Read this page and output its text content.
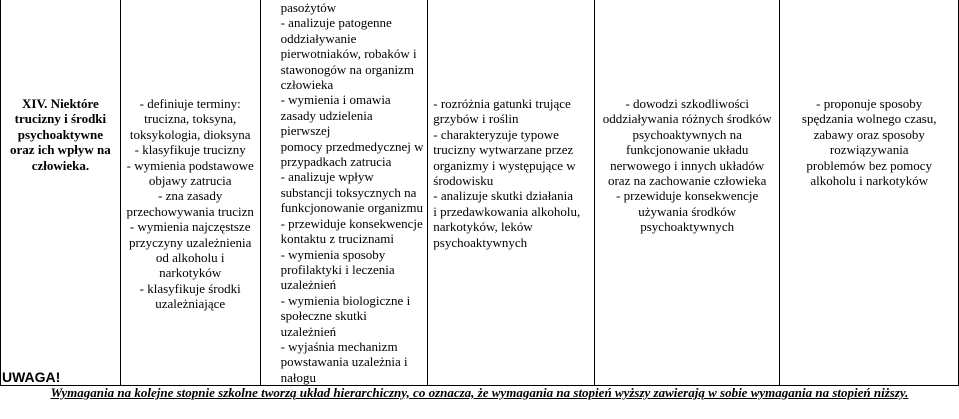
XIV. Niektóre
trucizny i środki
psychoaktywne
oraz ich wpływ na
człowieka.

- definiuje terminy:
trucizna, toksyna,
toksykologia, dioksyna
- klasyfikuje trucizny
- wymienia podstawowe
objawy zatrucia
- zna zasady
przechowywania trucizn
- wymienia najczęstsze
przyczyny uzależnienia
od alkoholu i narkotyków
- klasyfikuje środki
uzależniające

pasożytów
- analizuje patogenne
oddziaływanie
pierwotniaków, robaków i
stawonogów na organizm
człowieka
- wymienia i omawia
zasady udzielenia pierwszej
pomocy przedmedycznej w
przypadkach zatrucia
- analizuje wpływ
substancji toksycznych na
funkcjonowanie organizmu
- przewiduje konsekwencje
kontaktu z truciznami
- wymienia sposoby
profilaktyki i leczenia
uzależnień
- wymienia biologiczne i
społeczne skutki uzależnień
- wyjaśnia mechanizm
powstawania uzależnia i
nałogu

- rozróżnia gatunki trujące
grzybów i roślin
- charakteryzuje typowe
trucizny wytwarzane przez
organizmy i występujące w
środowisku
- analizuje skutki działania
i przedawkowania alkoholu,
narkotyków, leków
psychoaktywnych

- dowodzi szkodliwości
oddziaływania różnych środków
psychoaktywnych na
funkcjonowanie układu
nerwowego i innych układów
oraz na zachowanie człowieka
- przewiduje konsekwencje
używania środków
psychoaktywnych

- proponuje sposoby
spędzania wolnego czasu,
zabawy oraz sposoby
rozwiązywania
problemów bez pomocy
alkoholu i narkotyków
UWAGA!
Wymagania na kolejne stopnie szkolne tworzą układ hierarchiczny, co oznacza, że wymagania na stopień wyższy zawierają w sobie wymagania na stopień niższy.
